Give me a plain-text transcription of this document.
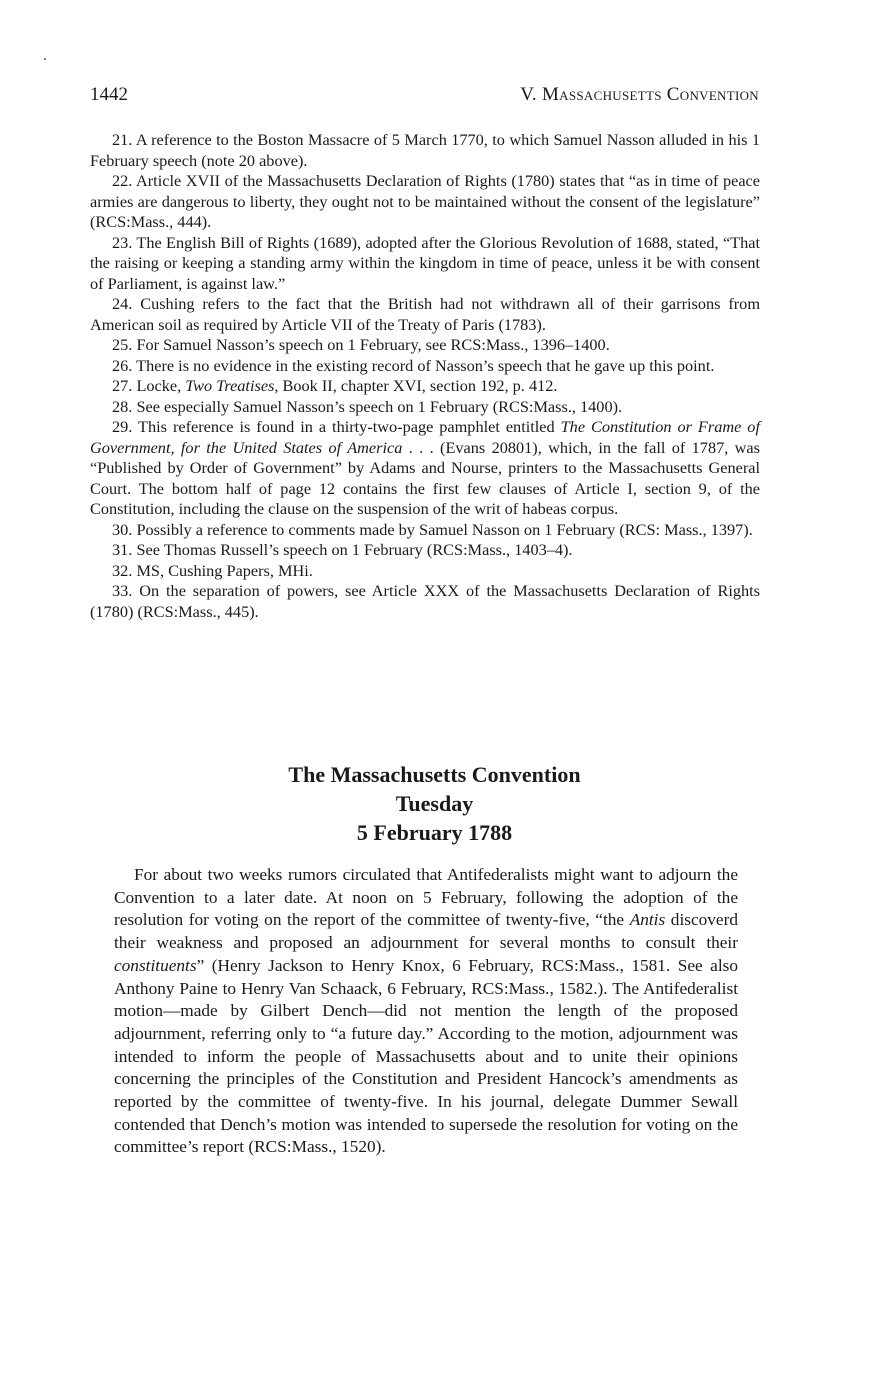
1442	V. Massachusetts Convention

21. A reference to the Boston Massacre of 5 March 1770, to which Samuel Nasson alluded in his 1 February speech (note 20 above).

22. Article XVII of the Massachusetts Declaration of Rights (1780) states that “as in time of peace armies are dangerous to liberty, they ought not to be maintained without the consent of the legislature” (RCS:Mass., 444).

23. The English Bill of Rights (1689), adopted after the Glorious Revolution of 1688, stated, “That the raising or keeping a standing army within the kingdom in time of peace, unless it be with consent of Parliament, is against law.”

24. Cushing refers to the fact that the British had not withdrawn all of their garrisons from American soil as required by Article VII of the Treaty of Paris (1783).

25. For Samuel Nasson’s speech on 1 February, see RCS:Mass., 1396–1400.

26. There is no evidence in the existing record of Nasson’s speech that he gave up this point.

27. Locke, Two Treatises, Book II, chapter XVI, section 192, p. 412.

28. See especially Samuel Nasson’s speech on 1 February (RCS:Mass., 1400).

29. This reference is found in a thirty-two-page pamphlet entitled The Constitution or Frame of Government, for the United States of America . . . (Evans 20801), which, in the fall of 1787, was “Published by Order of Government” by Adams and Nourse, printers to the Massachusetts General Court. The bottom half of page 12 contains the first few clauses of Article I, section 9, of the Constitution, including the clause on the suspension of the writ of habeas corpus.

30. Possibly a reference to comments made by Samuel Nasson on 1 February (RCS: Mass., 1397).

31. See Thomas Russell’s speech on 1 February (RCS:Mass., 1403–4).

32. MS, Cushing Papers, MHi.

33. On the separation of powers, see Article XXX of the Massachusetts Declaration of Rights (1780) (RCS:Mass., 445).

The Massachusetts Convention
Tuesday
5 February 1788

For about two weeks rumors circulated that Antifederalists might want to adjourn the Convention to a later date. At noon on 5 February, following the adoption of the resolution for voting on the report of the committee of twenty-five, “the Antis discoverd their weakness and proposed an adjournment for several months to consult their constituents” (Henry Jackson to Henry Knox, 6 February, RCS:Mass., 1581. See also Anthony Paine to Henry Van Schaack, 6 February, RCS:Mass., 1582.). The Antifederalist motion—made by Gilbert Dench—did not mention the length of the proposed adjournment, referring only to “a future day.” According to the motion, adjournment was intended to inform the people of Massachusetts about and to unite their opinions concerning the principles of the Constitution and President Hancock’s amendments as reported by the committee of twenty-five. In his journal, delegate Dummer Sewall contended that Dench’s motion was intended to supersede the resolution for voting on the committee’s report (RCS:Mass., 1520).
